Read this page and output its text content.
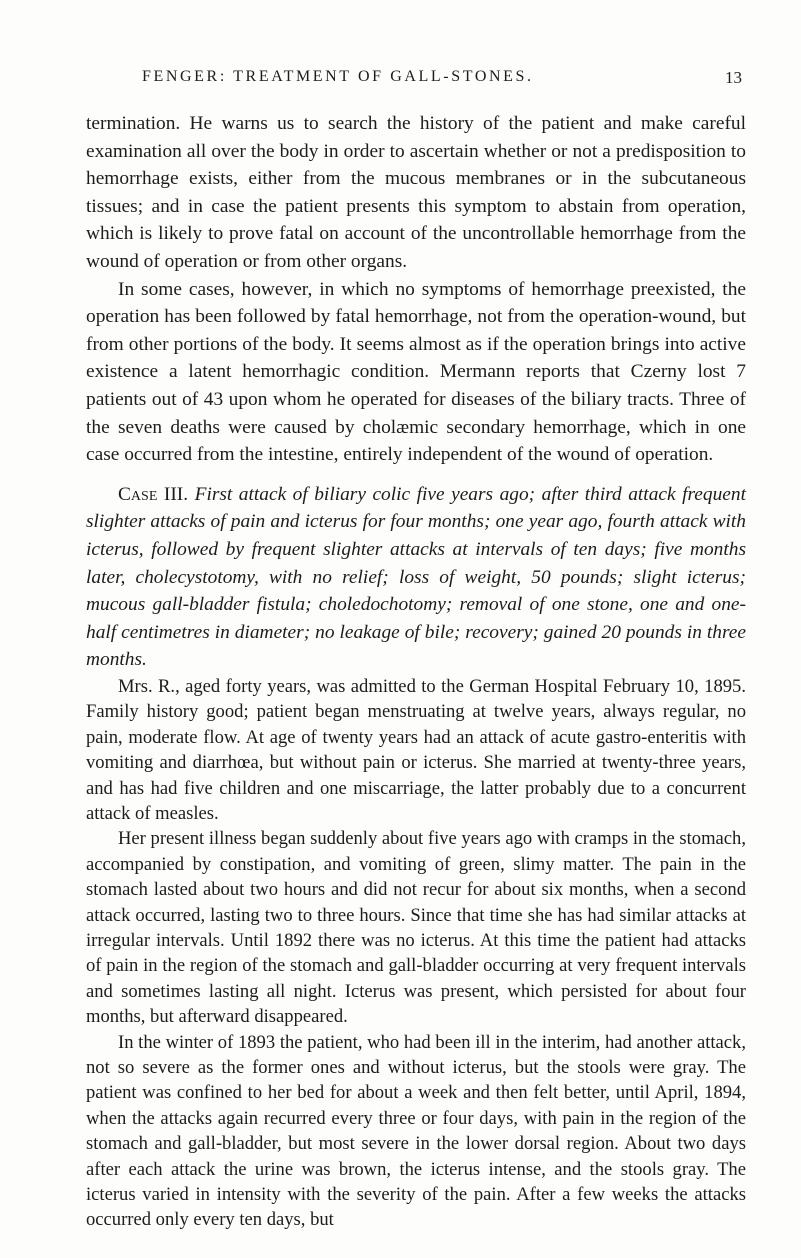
FENGER: TREATMENT OF GALL-STONES.	13

termination. He warns us to search the history of the patient and make careful examination all over the body in order to ascertain whether or not a predisposition to hemorrhage exists, either from the mucous membranes or in the subcutaneous tissues; and in case the patient presents this symptom to abstain from operation, which is likely to prove fatal on account of the uncontrollable hemorrhage from the wound of operation or from other organs.

In some cases, however, in which no symptoms of hemorrhage preexisted, the operation has been followed by fatal hemorrhage, not from the operation-wound, but from other portions of the body. It seems almost as if the operation brings into active existence a latent hemorrhagic condition. Mermann reports that Czerny lost 7 patients out of 43 upon whom he operated for diseases of the biliary tracts. Three of the seven deaths were caused by cholæmic secondary hemorrhage, which in one case occurred from the intestine, entirely independent of the wound of operation.

Case III. First attack of biliary colic five years ago; after third attack frequent slighter attacks of pain and icterus for four months; one year ago, fourth attack with icterus, followed by frequent slighter attacks at intervals of ten days; five months later, cholecystotomy, with no relief; loss of weight, 50 pounds; slight icterus; mucous gall-bladder fistula; choledochotomy; removal of one stone, one and one-half centimetres in diameter; no leakage of bile; recovery; gained 20 pounds in three months.

Mrs. R., aged forty years, was admitted to the German Hospital February 10, 1895. Family history good; patient began menstruating at twelve years, always regular, no pain, moderate flow. At age of twenty years had an attack of acute gastro-enteritis with vomiting and diarrhœa, but without pain or icterus. She married at twenty-three years, and has had five children and one miscarriage, the latter probably due to a concurrent attack of measles.

Her present illness began suddenly about five years ago with cramps in the stomach, accompanied by constipation, and vomiting of green, slimy matter. The pain in the stomach lasted about two hours and did not recur for about six months, when a second attack occurred, lasting two to three hours. Since that time she has had similar attacks at irregular intervals. Until 1892 there was no icterus. At this time the patient had attacks of pain in the region of the stomach and gall-bladder occurring at very frequent intervals and sometimes lasting all night. Icterus was present, which persisted for about four months, but afterward disappeared.

In the winter of 1893 the patient, who had been ill in the interim, had another attack, not so severe as the former ones and without icterus, but the stools were gray. The patient was confined to her bed for about a week and then felt better, until April, 1894, when the attacks again recurred every three or four days, with pain in the region of the stomach and gall-bladder, but most severe in the lower dorsal region. About two days after each attack the urine was brown, the icterus intense, and the stools gray. The icterus varied in intensity with the severity of the pain. After a few weeks the attacks occurred only every ten days, but
